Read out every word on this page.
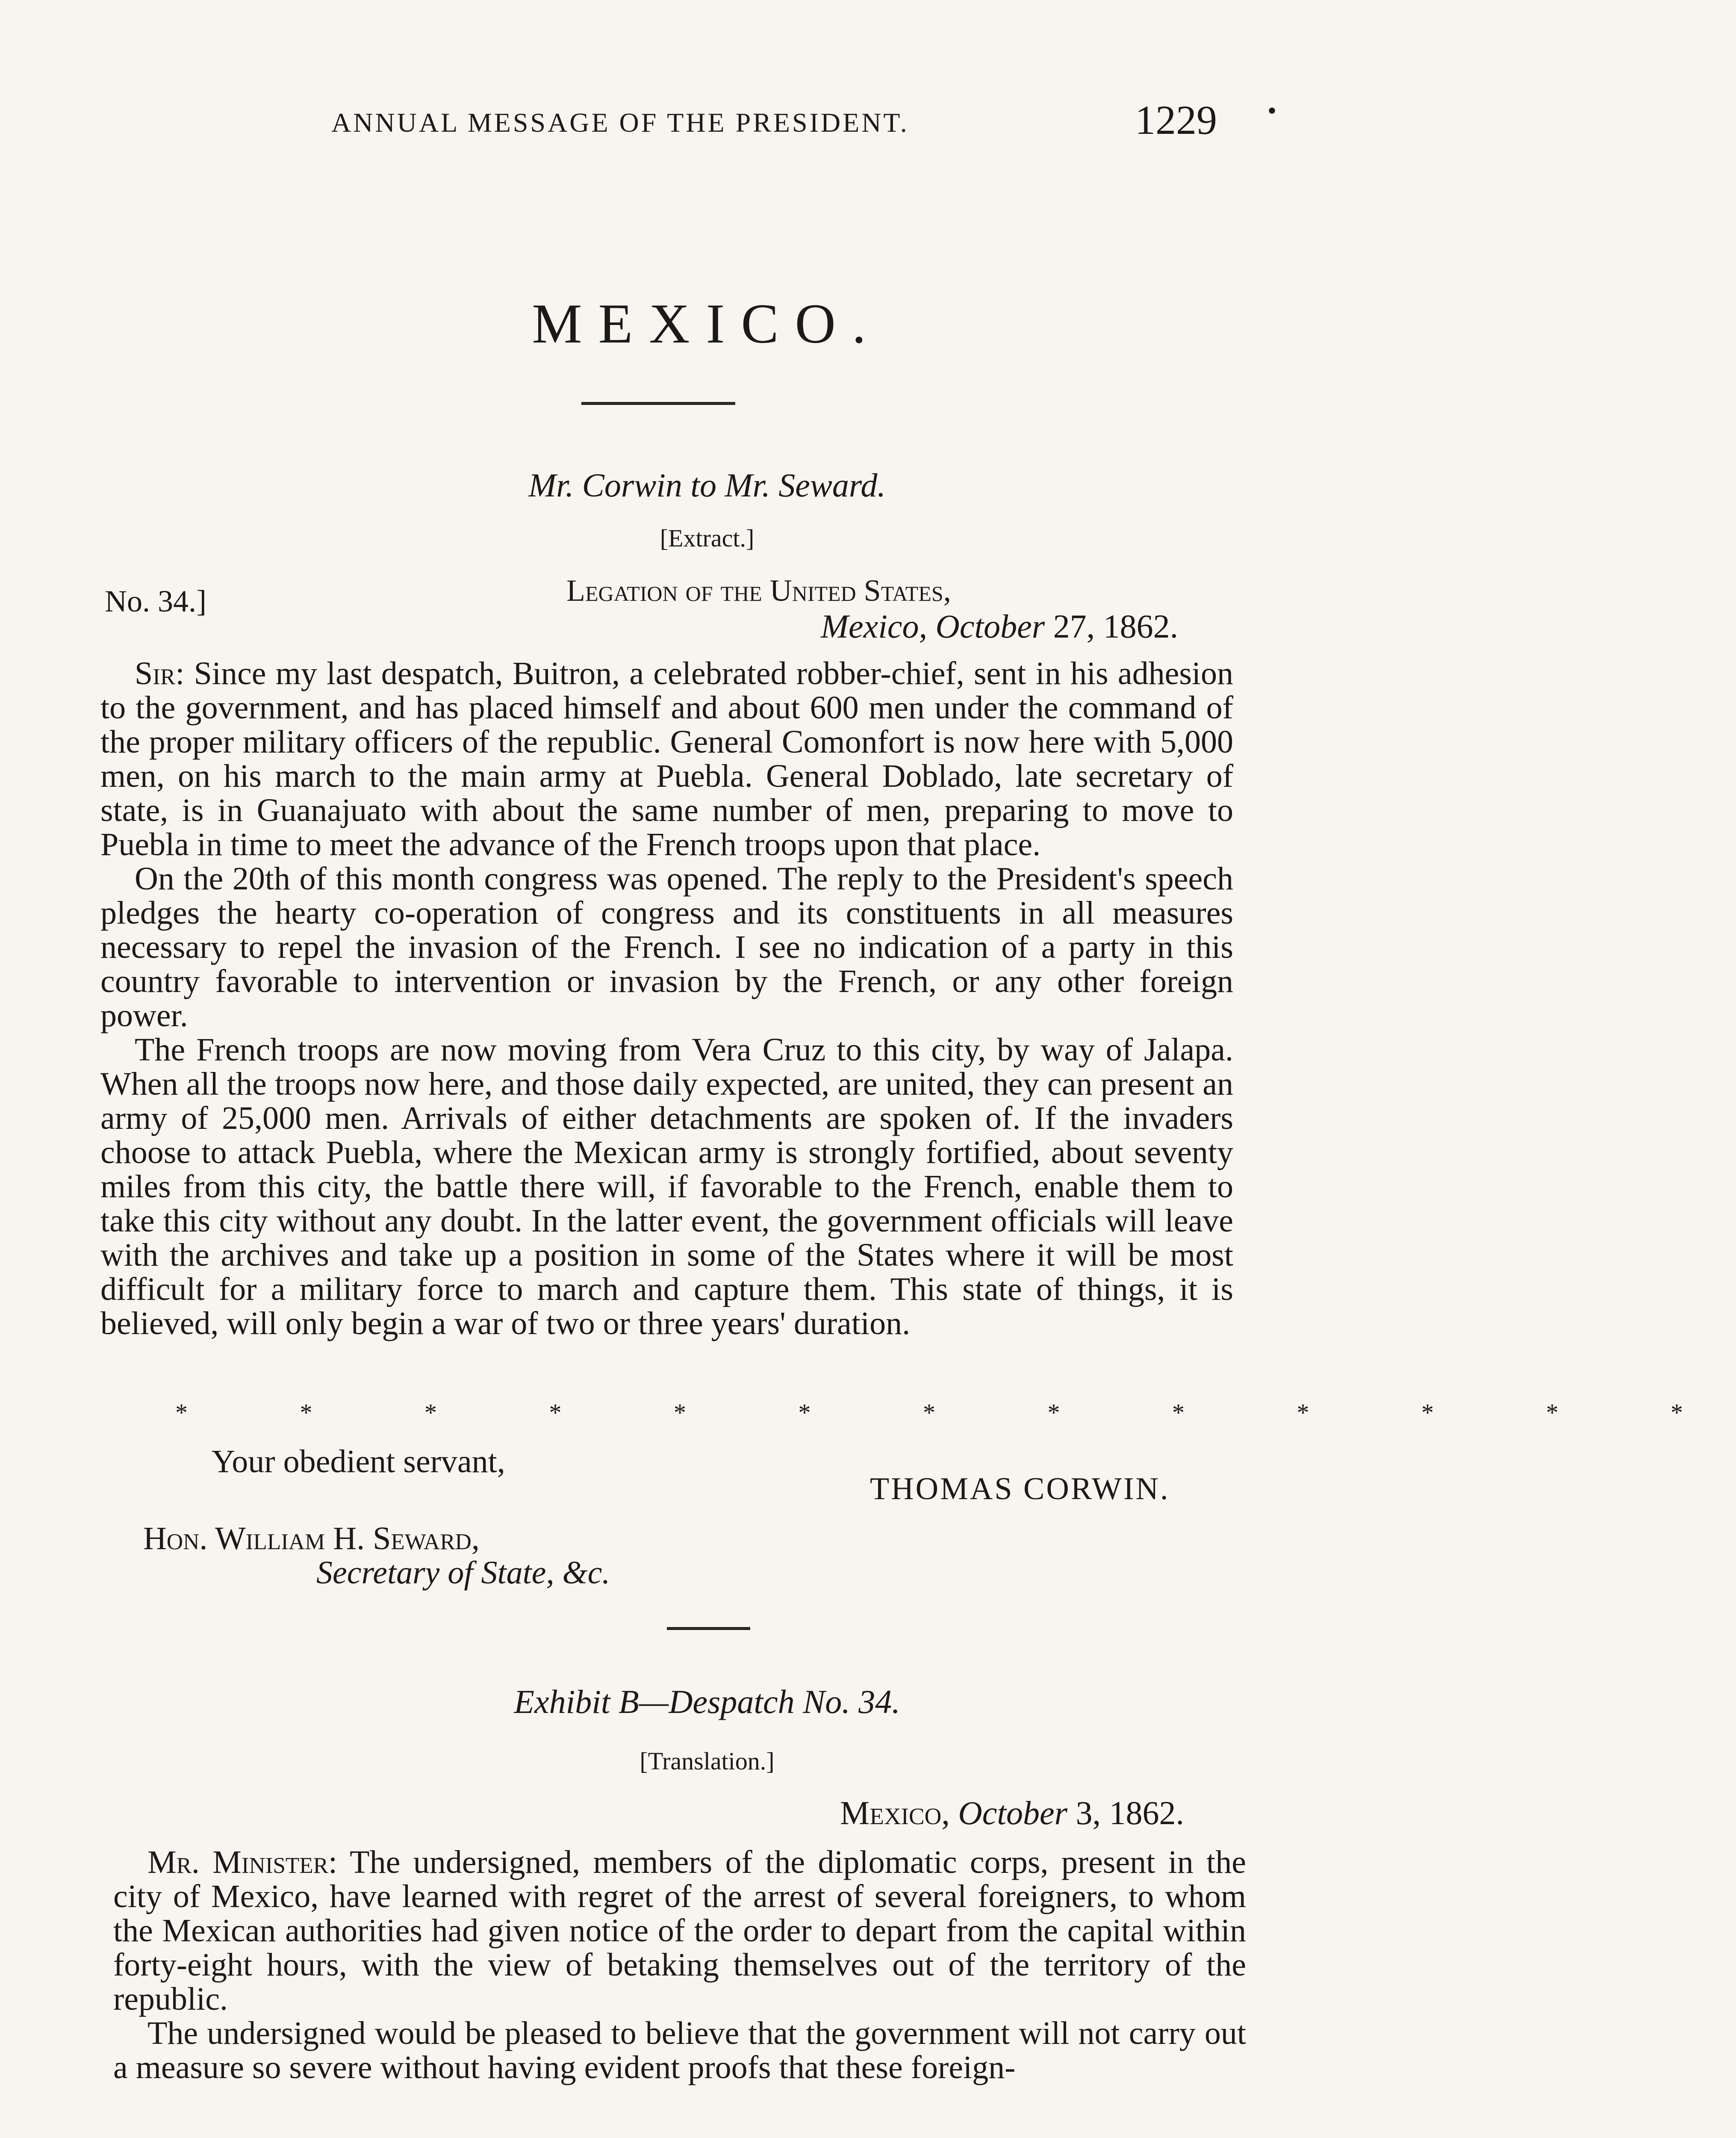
ANNUAL MESSAGE OF THE PRESIDENT.	1229 •
MEXICO.
Mr. Corwin to Mr. Seward.
[Extract.]
No. 34.]	Legation of the United States,
Mexico, October 27, 1862.

Sir: Since my last despatch, Buitron, a celebrated robber-chief, sent in his adhesion to the government, and has placed himself and about 600 men under the command of the proper military officers of the republic. General Comonfort is now here with 5,000 men, on his march to the main army at Puebla. General Doblado, late secretary of state, is in Guanajuato with about the same number of men, preparing to move to Puebla in time to meet the advance of the French troops upon that place.

On the 20th of this month congress was opened. The reply to the President's speech pledges the hearty co-operation of congress and its constituents in all measures necessary to repel the invasion of the French. I see no indication of a party in this country favorable to intervention or invasion by the French, or any other foreign power.

The French troops are now moving from Vera Cruz to this city, by way of Jalapa. When all the troops now here, and those daily expected, are united, they can present an army of 25,000 men. Arrivals of either detachments are spoken of. If the invaders choose to attack Puebla, where the Mexican army is strongly fortified, about seventy miles from this city, the battle there will, if favorable to the French, enable them to take this city without any doubt. In the latter event, the government officials will leave with the archives and take up a position in some of the States where it will be most difficult for a military force to march and capture them. This state of things, it is believed, will only begin a war of two or three years' duration.

* * * * * * * * * * * * *
Your obedient servant,
THOMAS CORWIN.
Hon. William H. Seward,
Secretary of State, &c.
Exhibit B—Despatch No. 34.
[Translation.]
Mexico, October 3, 1862.

Mr. Minister: The undersigned, members of the diplomatic corps, present in the city of Mexico, have learned with regret of the arrest of several foreigners, to whom the Mexican authorities had given notice of the order to depart from the capital within forty-eight hours, with the view of betaking themselves out of the territory of the republic.

The undersigned would be pleased to believe that the government will not carry out a measure so severe without having evident proofs that these foreign-
